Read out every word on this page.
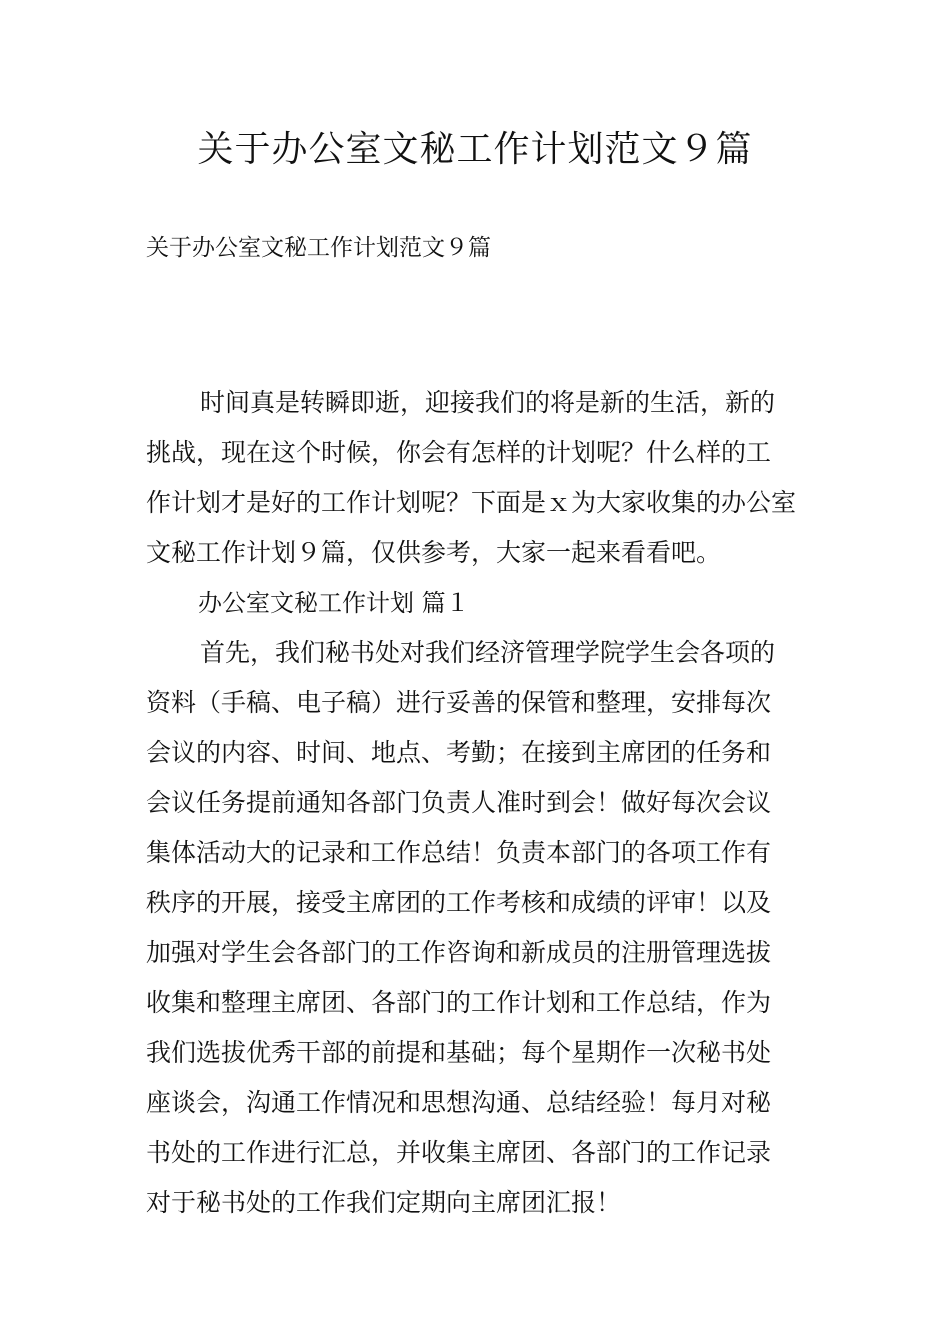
关于办公室文秘工作计划范文９篇

关于办公室文秘工作计划范文９篇

时间真是转瞬即逝，迎接我们的将是新的生活，新的

挑战，现在这个时候，你会有怎样的计划呢？什么样的工

作计划才是好的工作计划呢？下面是ｘ为大家收集的办公室

文秘工作计划９篇，仅供参考，大家一起来看看吧。

办公室文秘工作计划 篇１

首先，我们秘书处对我们经济管理学院学生会各项的

资料（手稿、电子稿）进行妥善的保管和整理，安排每次

会议的内容、时间、地点、考勤；在接到主席团的任务和

会议任务提前通知各部门负责人准时到会！做好每次会议

集体活动大的记录和工作总结！负责本部门的各项工作有

秩序的开展，接受主席团的工作考核和成绩的评审！以及

加强对学生会各部门的工作咨询和新成员的注册管理选拔

收集和整理主席团、各部门的工作计划和工作总结，作为

我们选拔优秀干部的前提和基础；每个星期作一次秘书处

座谈会，沟通工作情况和思想沟通、总结经验！每月对秘

书处的工作进行汇总，并收集主席团、各部门的工作记录

对于秘书处的工作我们定期向主席团汇报！
